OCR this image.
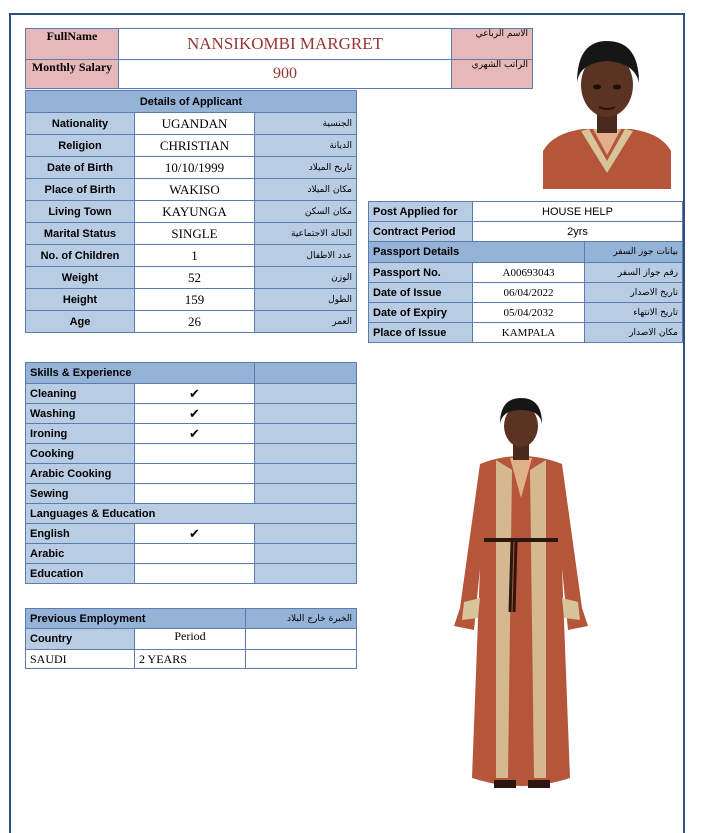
FullName	NANSIKOMBI MARGRET	الاسم الرباعي
Monthly Salary	900	الراتب الشهري
Details of Applicant		
Nationality	UGANDAN	الجنسية
Religion	CHRISTIAN	الديانة
Date of Birth	10/10/1999	تاريخ الميلاد
Place of Birth	WAKISO	مكان الميلاد
Living Town	KAYUNGA	مكان السكن
Marital Status	SINGLE	الحالة الاجتماعية
No. of Children	1	عدد الاطفال
Weight	52	الوزن
Height	159	الطول
Age	26	العمر
Post Applied for	HOUSE HELP	
Contract Period	2yrs	
Passport Details		بيانات جوز السفر
Passport No.	A00693043	رقم جواز السفر
Date of Issue	06/04/2022	تاريخ الاصدار
Date of Expiry	05/04/2032	تاريخ الانتهاء
Place of Issue	KAMPALA	مكان الاصدار
Skills & Experience		
Cleaning	✔	
Washing	✔	
Ironing	✔	
Cooking		
Arabic Cooking		
Sewing		
Languages & Education		
English	✔	
Arabic		
Education		
Previous Employment		الخبرة خارج البلاد
Country	Period	
SAUDI	2 YEARS	
